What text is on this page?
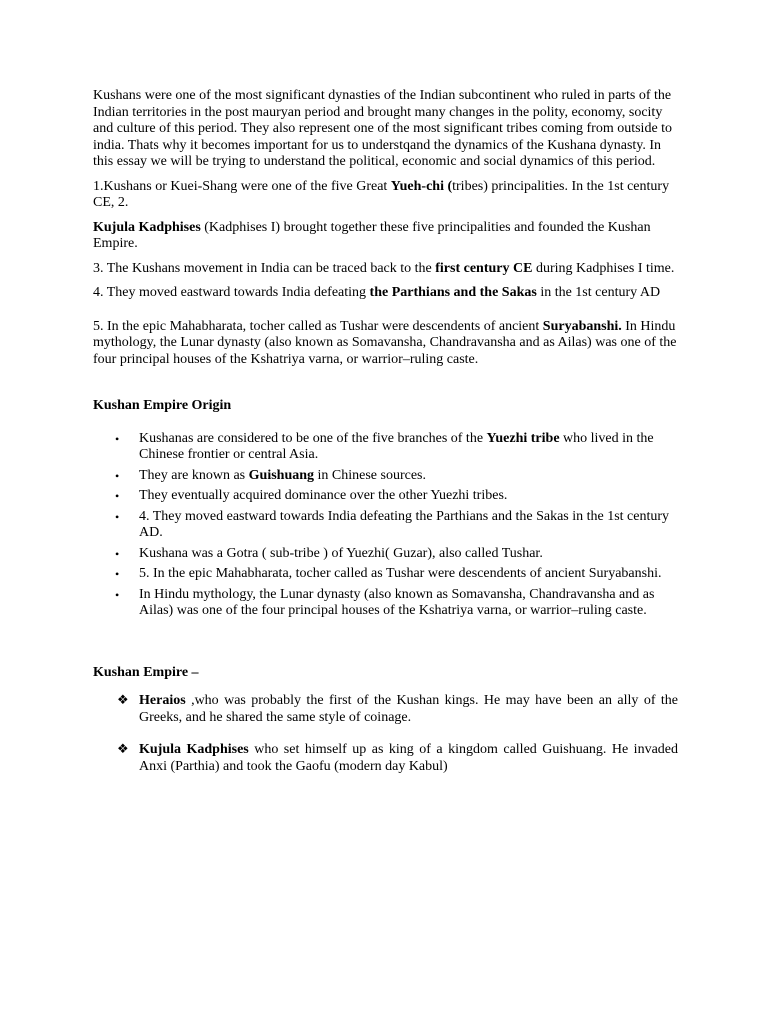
Kushans were one of the most significant dynasties of the Indian subcontinent who ruled in parts of the Indian territories in the post mauryan period and brought many changes in the polity, economy, socity and culture of this period. They also represent one of the most significant tribes coming from outside to india. Thats why it becomes important for us to understqand the dynamics of the Kushana dynasty. In this essay we will be trying to understand the political, economic and social dynamics of this period.

1.Kushans or Kuei-Shang were one of the five Great Yueh-chi (tribes) principalities. In the 1st century CE, 2.

Kujula Kadphises (Kadphises I) brought together these five principalities and founded the Kushan Empire.

3. The Kushans movement in India can be traced back to the first century CE during Kadphises I time.

4. They moved eastward towards India defeating the Parthians and the Sakas in the 1st century AD

5. In the epic Mahabharata, tocher called as Tushar were descendents of ancient Suryabanshi. In Hindu mythology, the Lunar dynasty (also known as Somavansha, Chandravansha and as Ailas) was one of the four principal houses of the Kshatriya varna, or warrior–ruling caste.

Kushan Empire Origin

• Kushanas are considered to be one of the five branches of the Yuezhi tribe who lived in the Chinese frontier or central Asia.
• They are known as Guishuang in Chinese sources.
• They eventually acquired dominance over the other Yuezhi tribes.
• 4. They moved eastward towards India defeating the Parthians and the Sakas in the 1st century AD.
• Kushana was a Gotra ( sub-tribe ) of Yuezhi( Guzar), also called Tushar.
• 5. In the epic Mahabharata, tocher called as Tushar were descendents of ancient Suryabanshi.
• In Hindu mythology, the Lunar dynasty (also known as Somavansha, Chandravansha and as Ailas) was one of the four principal houses of the Kshatriya varna, or warrior–ruling caste.

Kushan Empire –

❖ Heraios ,who was probably the first of the Kushan kings. He may have been an ally of the Greeks, and he shared the same style of coinage.
❖ Kujula Kadphises who set himself up as king of a kingdom called Guishuang. He invaded Anxi (Parthia) and took the Gaofu (modern day Kabul)
